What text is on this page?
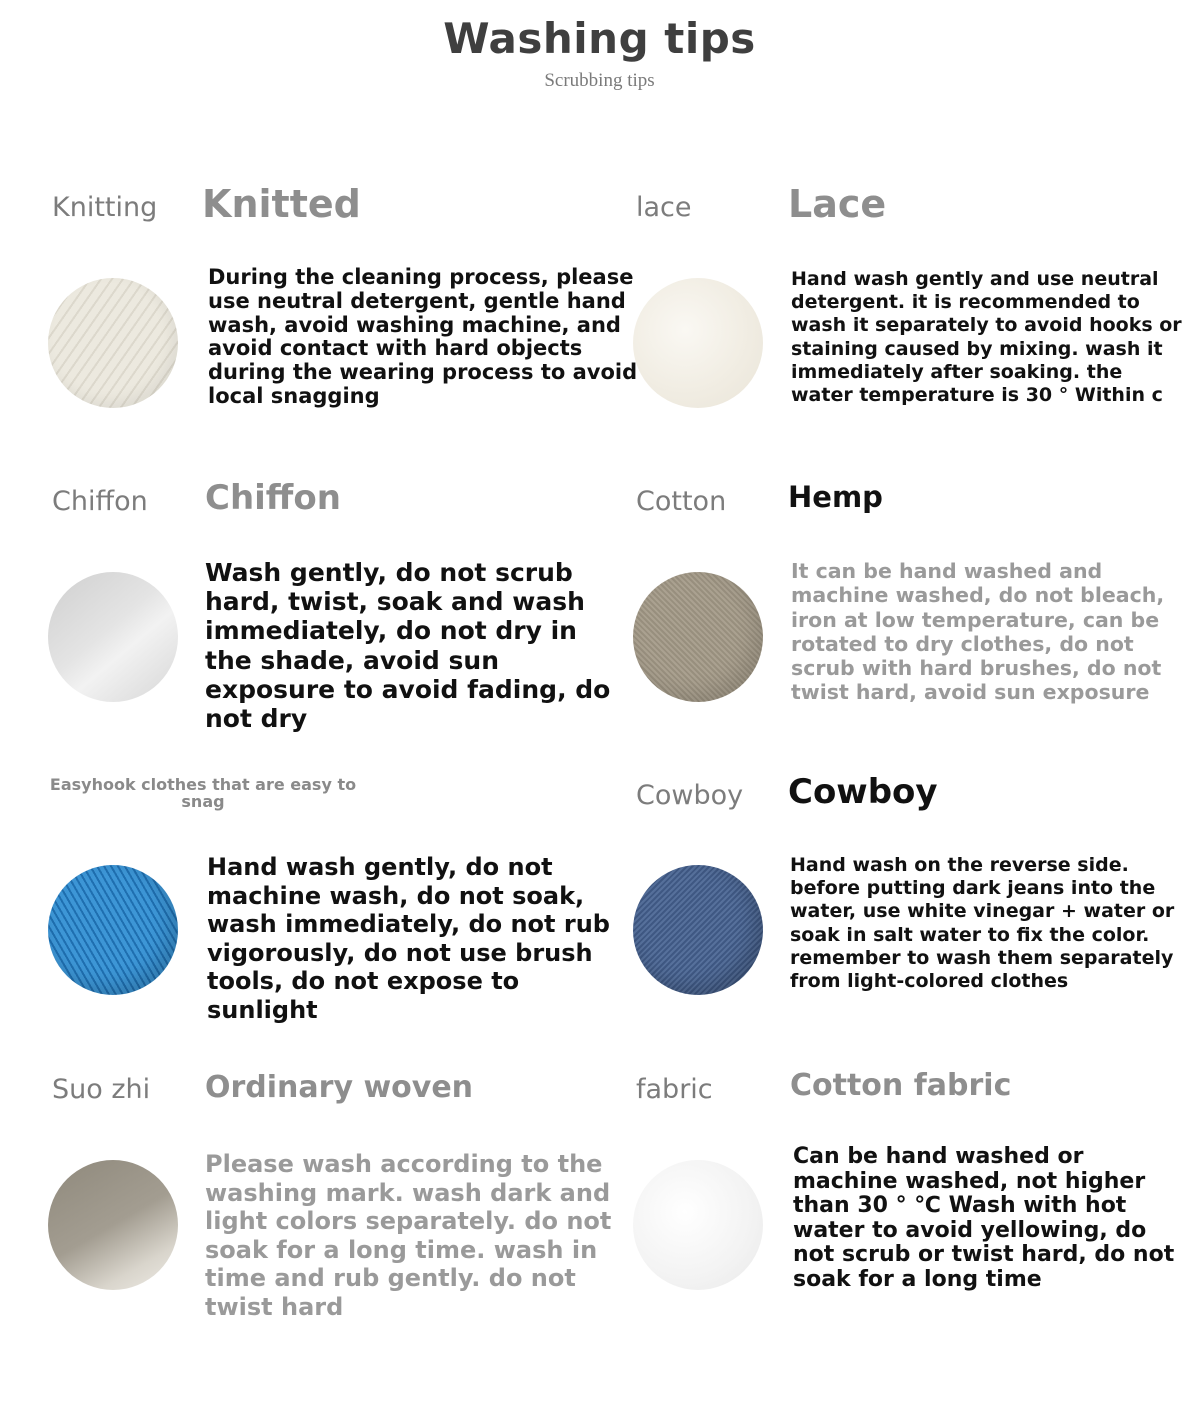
Washing tips
Scrubbing tips
Knitting Knitted
During the cleaning process, please use neutral detergent, gentle hand wash, avoid washing machine, and avoid contact with hard objects during the wearing process to avoid local snagging
lace	Lace
Hand wash gently and use neutral detergent. it is recommended to wash it separately to avoid hooks or staining caused by mixing. wash it immediately after soaking. the water temperature is 30 ° Within c
Chiffon Chiffon
Wash gently, do not scrub hard, twist, soak and wash immediately, do not dry in the shade, avoid sun exposure to avoid fading, do not dry
Cotton Hemp
It can be hand washed and machine washed, do not bleach, iron at low temperature, can be rotated to dry clothes, do not scrub with hard brushes, do not twist hard, avoid sun exposure
Easyhook clothes that are easy to snag
Hand wash gently, do not machine wash, do not soak, wash immediately, do not rub vigorously, do not use brush tools, do not expose to sunlight
Cowboy Cowboy
Hand wash on the reverse side. before putting dark jeans into the water, use white vinegar + water or soak in salt water to fix the color. remember to wash them separately from light-colored clothes
Suo zhi Ordinary woven
Please wash according to the washing mark. wash dark and light colors separately. do not soak for a long time. wash in time and rub gently. do not twist hard
fabric	Cotton fabric
Can be hand washed or machine washed, not higher than 30 ° ℃ Wash with hot water to avoid yellowing, do not scrub or twist hard, do not soak for a long time
